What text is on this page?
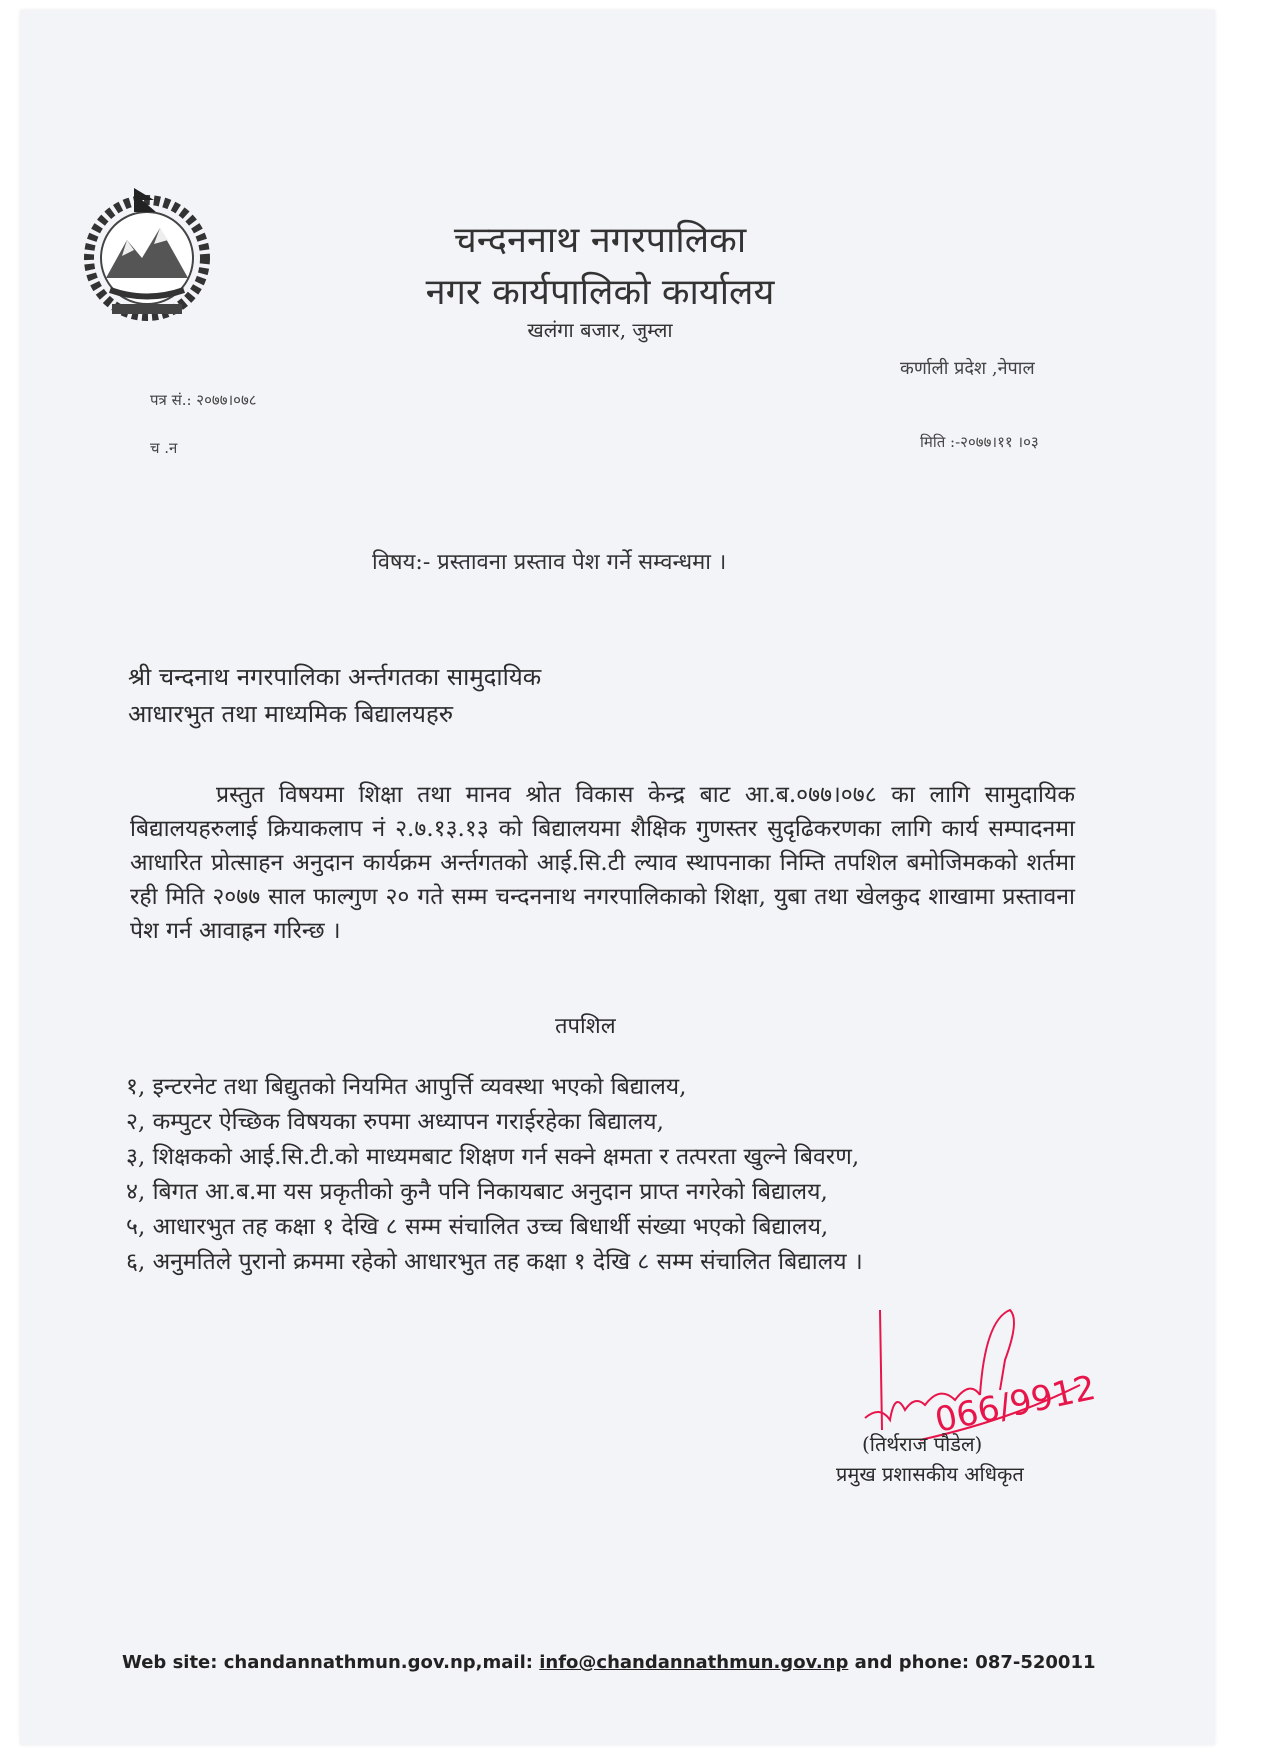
चन्दननाथ नगरपालिका
नगर कार्यपालिको कार्यालय
खलंगा बजार, जुम्ला
कर्णाली प्रदेश ,नेपाल
पत्र सं.: २०७७।०७८
च .न	मिति :-२०७७।११ ।०३
विषय:- प्रस्तावना प्रस्ताव पेश गर्ने सम्वन्धमा ।
श्री चन्दनाथ नगरपालिका अर्न्तगतका सामुदायिक
आधारभुत तथा माध्यमिक बिद्यालयहरु
प्रस्तुत विषयमा शिक्षा तथा मानव श्रोत विकास केन्द्र बाट आ.ब.०७७।०७८ का लागि सामुदायिक बिद्यालयहरुलाई क्रियाकलाप नं २.७.१३.१३ को बिद्यालयमा शैक्षिक गुणस्तर सुदृढिकरणका लागि कार्य सम्पादनमा आधारित प्रोत्साहन अनुदान कार्यक्रम अर्न्तगतको आई.सि.टी ल्याव स्थापनाका निम्ति तपशिल बमोजिमकको शर्तमा रही मिति २०७७ साल फाल्गुण २० गते सम्म चन्दननाथ नगरपालिकाको शिक्षा, युबा तथा खेलकुद शाखामा प्रस्तावना पेश गर्न आवाह्रन गरिन्छ ।
तपशिल
१, इन्टरनेट तथा बिद्युतको नियमित आपुर्त्ति व्यवस्था भएको बिद्यालय,
२, कम्पुटर ऐच्छिक विषयका रुपमा अध्यापन गराईरहेका बिद्यालय,
३, शिक्षकको आई.सि.टी.को माध्यमबाट शिक्षण गर्न सक्ने क्षमता र तत्परता खुल्ने बिवरण,
४, बिगत आ.ब.मा यस प्रकृतीको कुनै पनि निकायबाट अनुदान प्राप्त नगरेको बिद्यालय,
५, आधारभुत तह कक्षा १ देखि ८ सम्म संचालित उच्च बिधार्थी संख्या भएको बिद्यालय,
६, अनुमतिले पुरानो क्रममा रहेको आधारभुत तह कक्षा १ देखि ८ सम्म संचालित बिद्यालय ।
066/9912
(तिर्थराज पौडेल)
प्रमुख प्रशासकीय अधिकृत
Web site: chandannathmun.gov.np,mail: info@chandannathmun.gov.np and phone: 087-520011
